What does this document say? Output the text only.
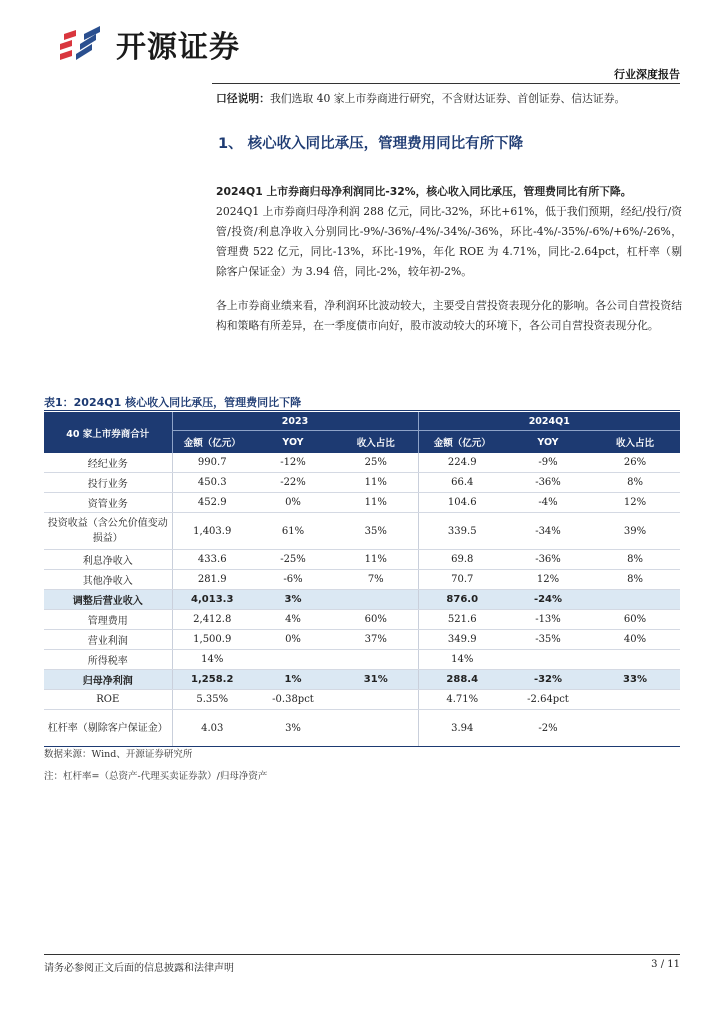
开源证券
行业深度报告
口径说明：我们选取 40 家上市券商进行研究，不含财达证券、首创证券、信达证券。
1、 核心收入同比承压，管理费用同比有所下降
2024Q1 上市券商归母净利润同比-32%，核心收入同比承压，管理费同比有所下降。
2024Q1 上市券商归母净利润 288 亿元，同比-32%，环比+61%，低于我们预期，经纪/投行/资管/投资/利息净收入分别同比-9%/-36%/-4%/-34%/-36%，环比-4%/-35%/-6%/+6%/-26%，管理费 522 亿元，同比-13%，环比-19%，年化 ROE 为 4.71%，同比-2.64pct，杠杆率（剔除客户保证金）为 3.94 倍，同比-2%，较年初-2%。
各上市券商业绩来看，净利润环比波动较大，主要受自营投资表现分化的影响。各公司自营投资结构和策略有所差异，在一季度债市向好，股市波动较大的环境下，各公司自营投资表现分化。
表1：2024Q1 核心收入同比承压，管理费同比下降
40 家上市券商合计	2023			2024Q1		
	金额（亿元）	YOY	收入占比	金额（亿元）	YOY	收入占比
经纪业务	990.7	-12%	25%	224.9	-9%	26%
投行业务	450.3	-22%	11%	66.4	-36%	8%
资管业务	452.9	0%	11%	104.6	-4%	12%
投资收益（含公允价值变动损益）	1,403.9	61%	35%	339.5	-34%	39%
利息净收入	433.6	-25%	11%	69.8	-36%	8%
其他净收入	281.9	-6%	7%	70.7	12%	8%
调整后营业收入	4,013.3	3%		876.0	-24%	
管理费用	2,412.8	4%	60%	521.6	-13%	60%
营业利润	1,500.9	0%	37%	349.9	-35%	40%
所得税率	14%			14%		
归母净利润	1,258.2	1%	31%	288.4	-32%	33%
ROE	5.35%	-0.38pct		4.71%	-2.64pct	
杠杆率（剔除客户保证金）	4.03	3%		3.94	-2%	
数据来源：Wind、开源证券研究所
注：杠杆率=（总资产-代理买卖证券款）/归母净资产
请务必参阅正文后面的信息披露和法律声明	3 / 11
